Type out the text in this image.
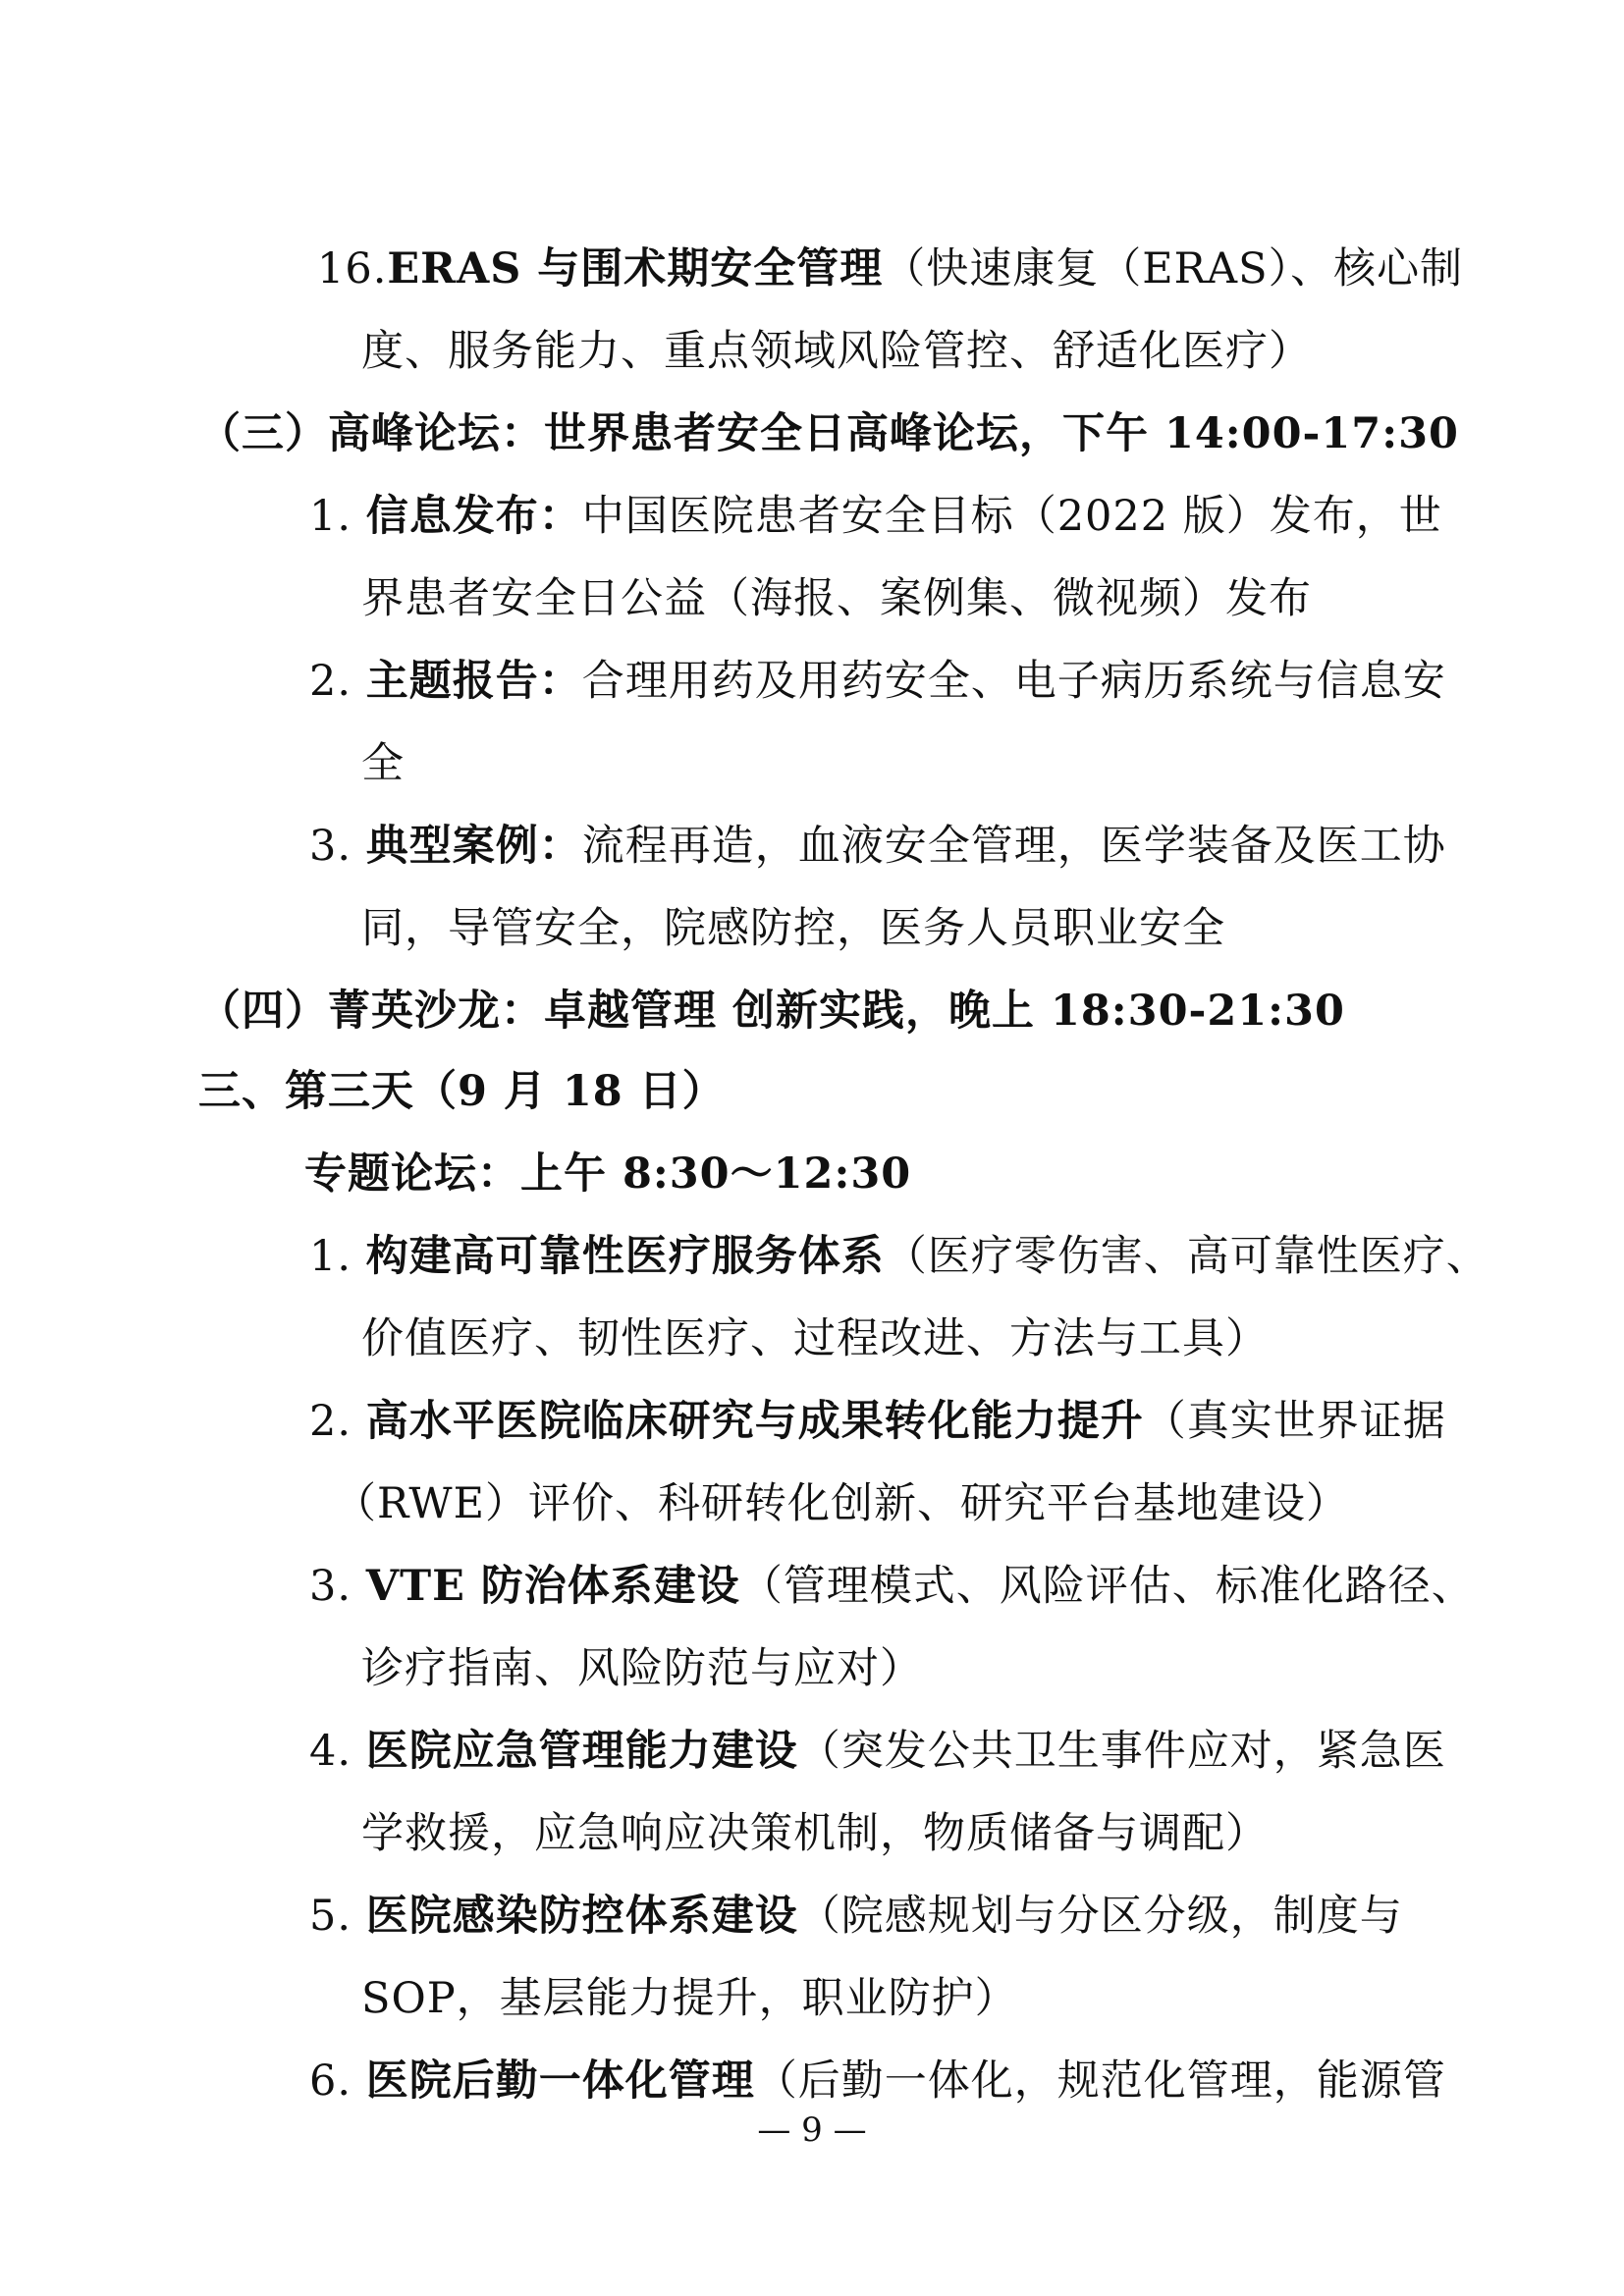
16.ERAS 与围术期安全管理（快速康复（ERAS）、核心制
度、服务能力、重点领域风险管控、舒适化医疗）
（三）高峰论坛：世界患者安全日高峰论坛，下午 14:00-17:30
1. 信息发布：中国医院患者安全目标（2022 版）发布，世
界患者安全日公益（海报、案例集、微视频）发布
2. 主题报告：合理用药及用药安全、电子病历系统与信息安
全
3. 典型案例：流程再造，血液安全管理，医学装备及医工协
同，导管安全，院感防控，医务人员职业安全
（四）菁英沙龙：卓越管理 创新实践，晚上 18:30-21:30
三、第三天（9 月 18 日）
专题论坛：上午 8:30～12:30
1. 构建高可靠性医疗服务体系（医疗零伤害、高可靠性医疗、
价值医疗、韧性医疗、过程改进、方法与工具）
2. 高水平医院临床研究与成果转化能力提升（真实世界证据
（RWE）评价、科研转化创新、研究平台基地建设）
3. VTE 防治体系建设（管理模式、风险评估、标准化路径、
诊疗指南、风险防范与应对）
4. 医院应急管理能力建设（突发公共卫生事件应对，紧急医
学救援，应急响应决策机制，物质储备与调配）
5. 医院感染防控体系建设（院感规划与分区分级，制度与
SOP，基层能力提升，职业防护）
6. 医院后勤一体化管理（后勤一体化，规范化管理，能源管
— 9 —
